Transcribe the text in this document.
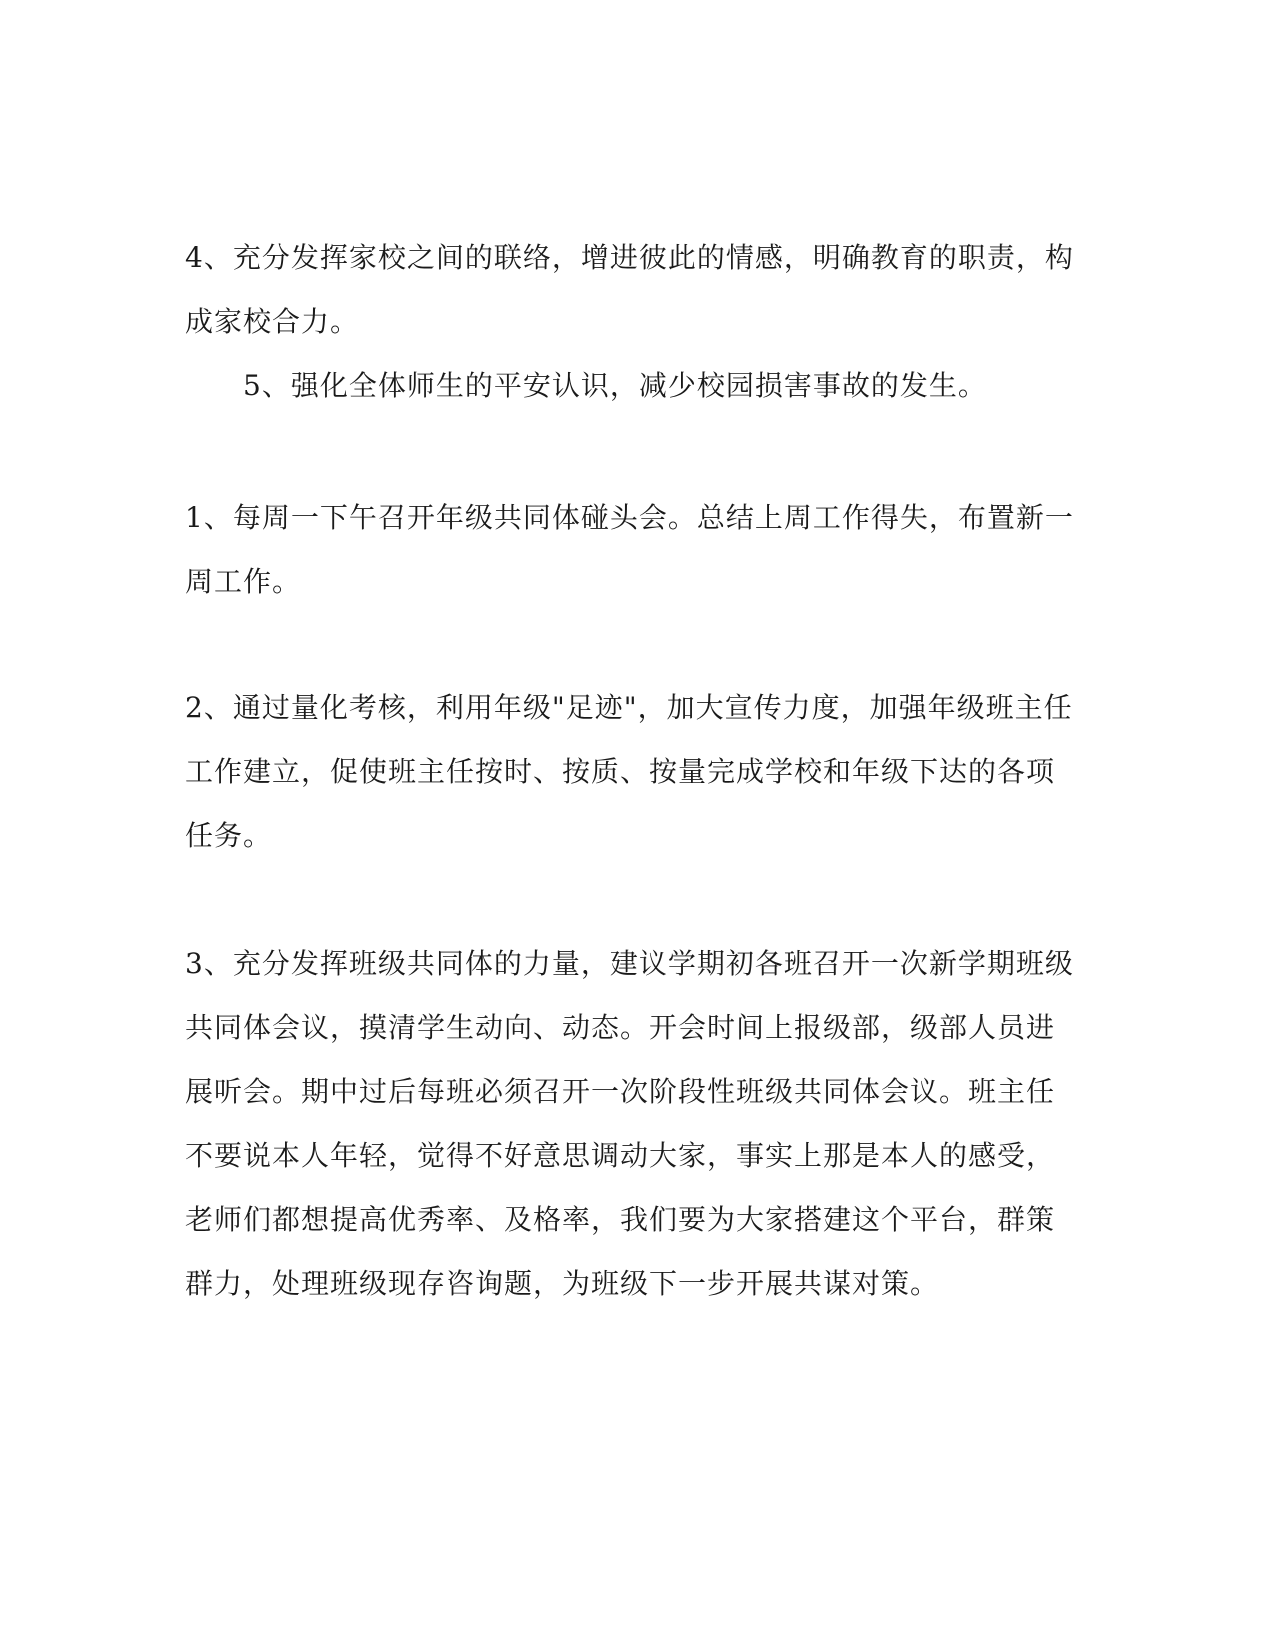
4、充分发挥家校之间的联络，增进彼此的情感，明确教育的职责，构成家校合力。

5、强化全体师生的平安认识，减少校园损害事故的发生。

1、每周一下午召开年级共同体碰头会。总结上周工作得失，布置新一周工作。

2、通过量化考核，利用年级"足迹"，加大宣传力度，加强年级班主任工作建立，促使班主任按时、按质、按量完成学校和年级下达的各项任务。

3、充分发挥班级共同体的力量，建议学期初各班召开一次新学期班级共同体会议，摸清学生动向、动态。开会时间上报级部，级部人员进展听会。期中过后每班必须召开一次阶段性班级共同体会议。班主任不要说本人年轻，觉得不好意思调动大家，事实上那是本人的感受，老师们都想提高优秀率、及格率，我们要为大家搭建这个平台，群策群力，处理班级现存咨询题，为班级下一步开展共谋对策。
